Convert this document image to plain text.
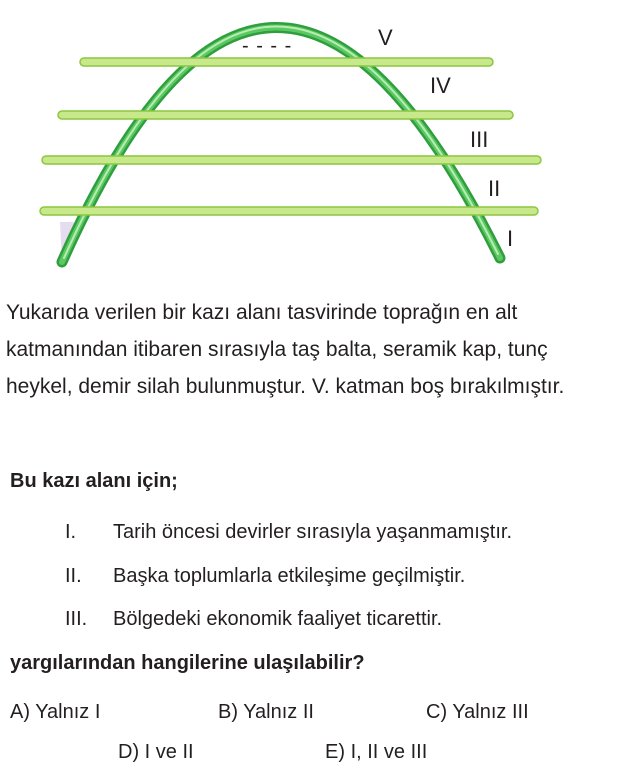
- - - -	V
IV
III
II
I

Yukarıda verilen bir kazı alanı tasvirinde toprağın en alt katmanından itibaren sırasıyla taş balta, seramik kap, tunç heykel, demir silah bulunmuştur. V. katman boş bırakılmıştır.

Bu kazı alanı için;

I. Tarih öncesi devirler sırasıyla yaşanmamıştır.
II. Başka toplumlarla etkileşime geçilmiştir.
III. Bölgedeki ekonomik faaliyet ticarettir.

yargılarından hangilerine ulaşılabilir?

A) Yalnız I	B) Yalnız II	C) Yalnız III
D) I ve II	E) I, II ve III
